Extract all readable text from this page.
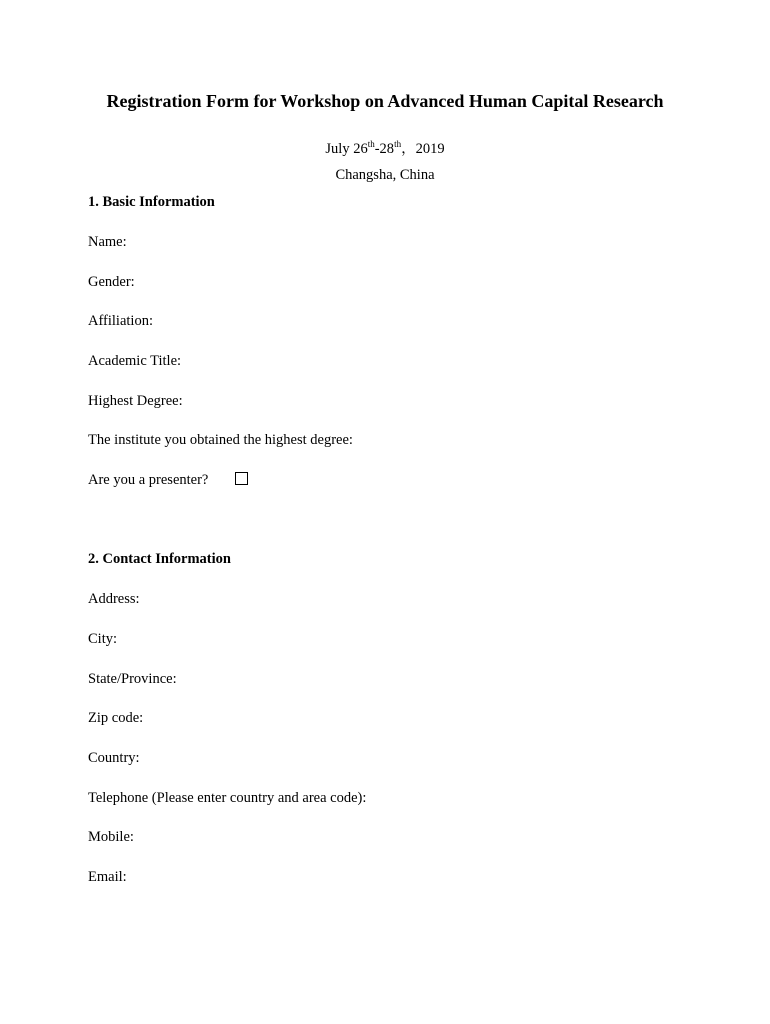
Registration Form for Workshop on Advanced Human Capital Research
July 26th-28th，2019
Changsha, China
1. Basic Information
Name:
Gender:
Affiliation:
Academic Title:
Highest Degree:
The institute you obtained the highest degree:
Are you a presenter?
2. Contact Information
Address:
City:
State/Province:
Zip code:
Country:
Telephone (Please enter country and area code):
Mobile:
Email:
